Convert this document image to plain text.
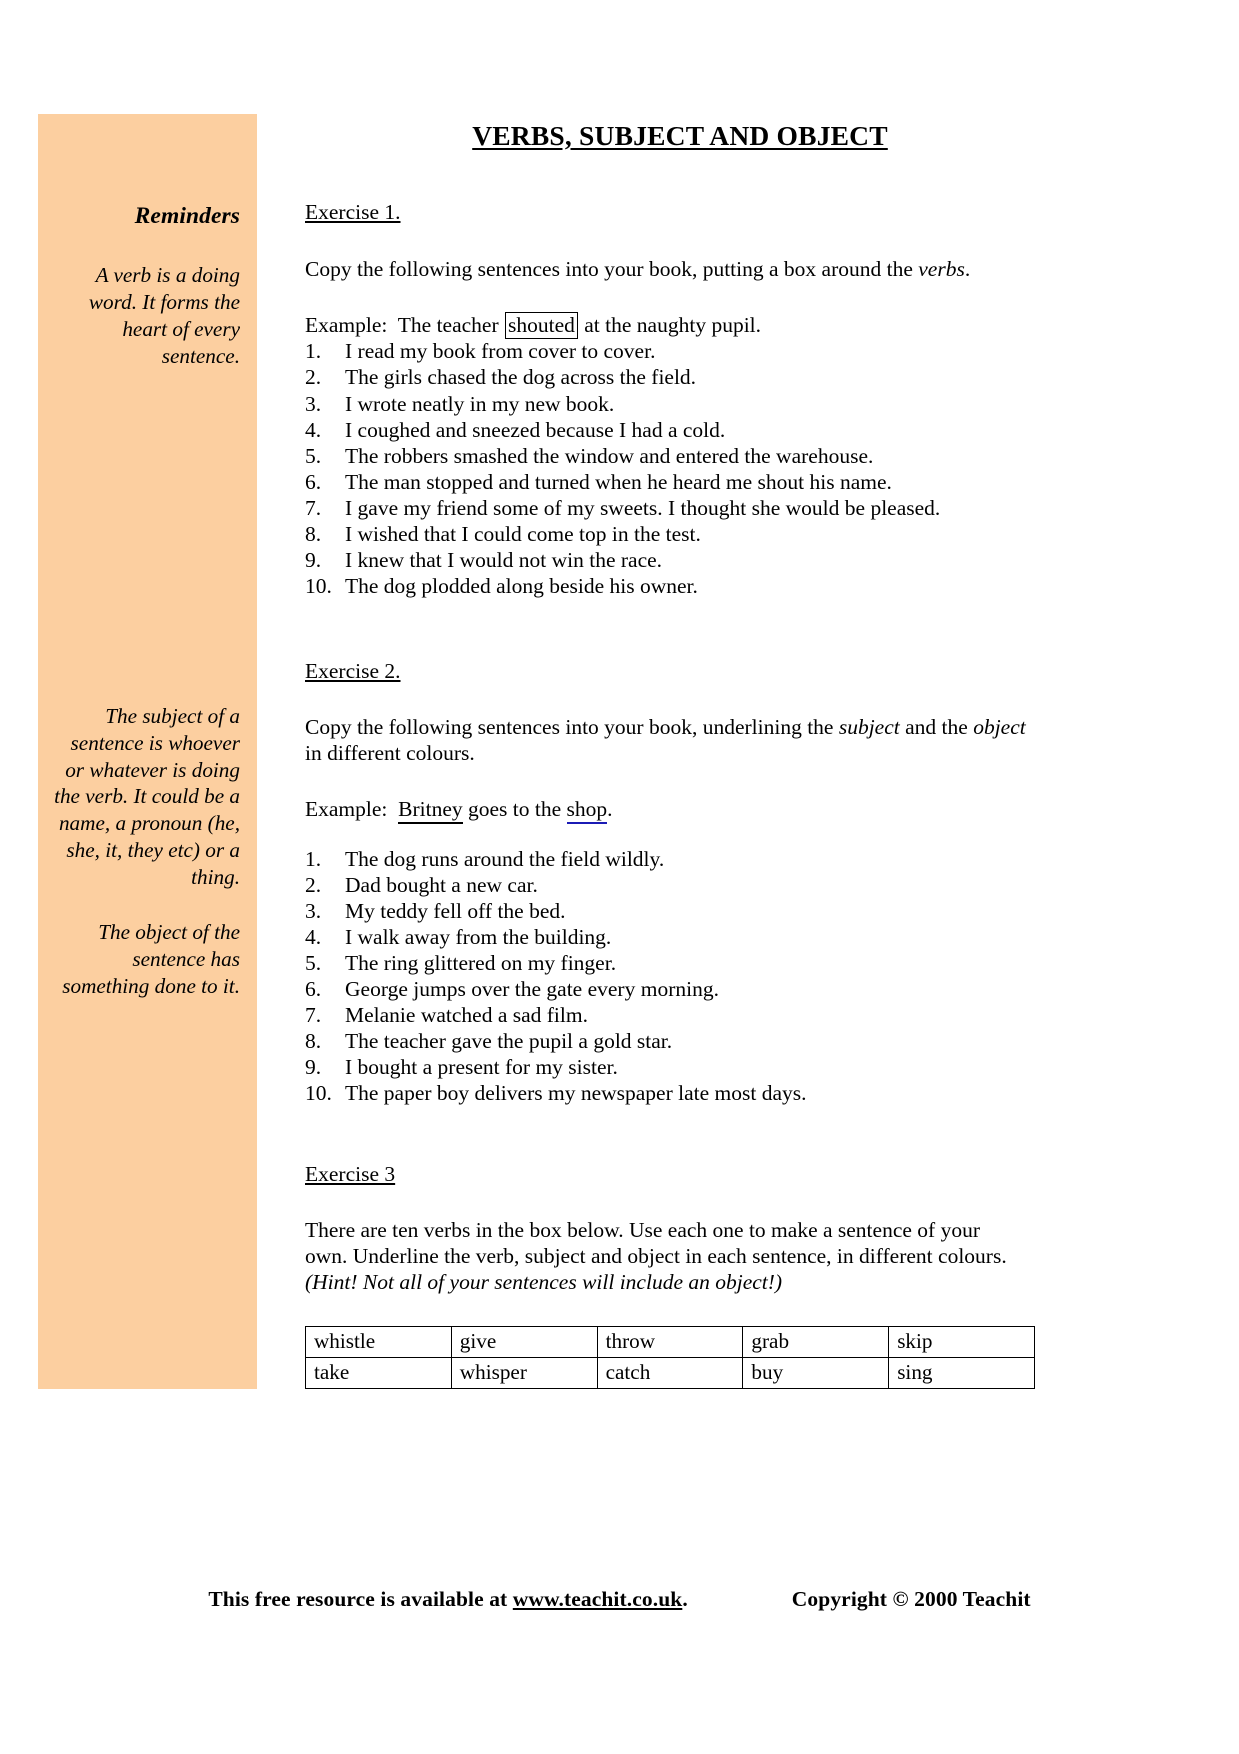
Reminders
A verb is a doing word. It forms the heart of every sentence.
The subject of a sentence is whoever or whatever is doing the verb. It could be a name, a pronoun (he, she, it, they etc) or a thing.
The object of the sentence has something done to it.
VERBS, SUBJECT AND OBJECT
Exercise 1.

Copy the following sentences into your book, putting a box around the verbs.

Example: The teacher shouted at the naughty pupil.

1.	I read my book from cover to cover.
2.	The girls chased the dog across the field.
3.	I wrote neatly in my new book.
4.	I coughed and sneezed because I had a cold.
5.	The robbers smashed the window and entered the warehouse.
6.	The man stopped and turned when he heard me shout his name.
7.	I gave my friend some of my sweets. I thought she would be pleased.
8.	I wished that I could come top in the test.
9.	I knew that I would not win the race.
10. The dog plodded along beside his owner.
Exercise 2.

Copy the following sentences into your book, underlining the subject and the object in different colours.

Example: Britney goes to the shop.

1.	The dog runs around the field wildly.
2.	Dad bought a new car.
3.	My teddy fell off the bed.
4.	I walk away from the building.
5.	The ring glittered on my finger.
6.	George jumps over the gate every morning.
7.	Melanie watched a sad film.
8.	The teacher gave the pupil a gold star.
9.	I bought a present for my sister.
10. The paper boy delivers my newspaper late most days.
Exercise 3

There are ten verbs in the box below. Use each one to make a sentence of your

own. Underline the verb, subject and object in each sentence, in different colours.

(Hint! Not all of your sentences will include an object!)

whistle	give	throw	grab	skip
take	whisper	catch	buy	sing
This free resource is available at www.teachit.co.uk.	Copyright © 2000 Teachit
